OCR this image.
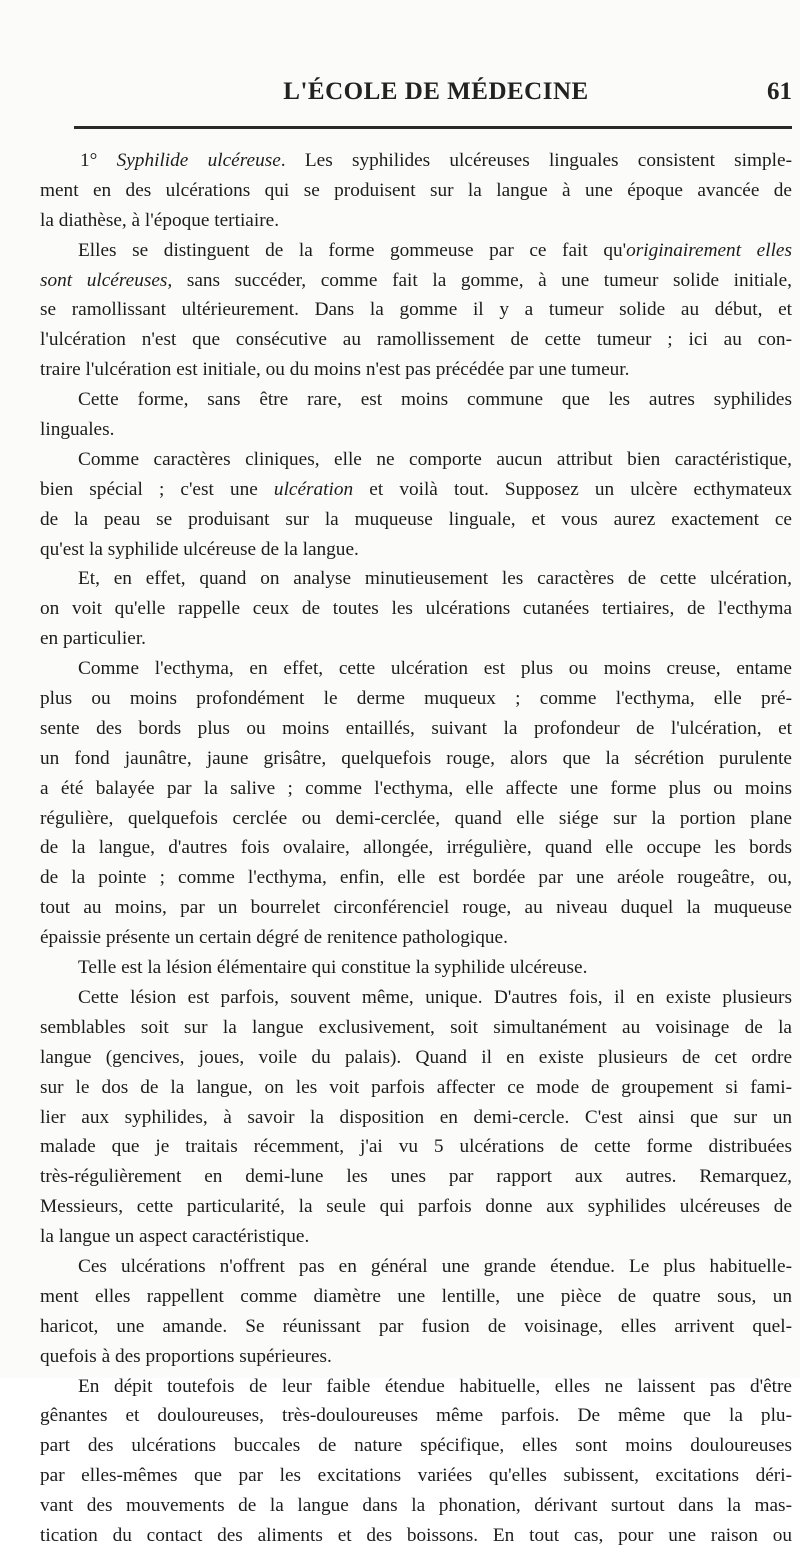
L'ÉCOLE DE MÉDECINE	61
1° Syphilide ulcéreuse. Les syphilides ulcéreuses linguales consistent simple-
ment en des ulcérations qui se produisent sur la langue à une époque avancée de
la diathèse, à l'époque tertiaire.
Elles se distinguent de la forme gommeuse par ce fait qu'originairement elles
sont ulcéreuses, sans succéder, comme fait la gomme, à une tumeur solide initiale,
se ramollissant ultérieurement. Dans la gomme il y a tumeur solide au début, et
l'ulcération n'est que consécutive au ramollissement de cette tumeur ; ici au con-
traire l'ulcération est initiale, ou du moins n'est pas précédée par une tumeur.
Cette forme, sans être rare, est moins commune que les autres syphilides
linguales.
Comme caractères cliniques, elle ne comporte aucun attribut bien caractéristique,
bien spécial ; c'est une ulcération et voilà tout. Supposez un ulcère ecthymateux
de la peau se produisant sur la muqueuse linguale, et vous aurez exactement ce
qu'est la syphilide ulcéreuse de la langue.
Et, en effet, quand on analyse minutieusement les caractères de cette ulcération,
on voit qu'elle rappelle ceux de toutes les ulcérations cutanées tertiaires, de l'ecthyma
en particulier.
Comme l'ecthyma, en effet, cette ulcération est plus ou moins creuse, entame
plus ou moins profondément le derme muqueux ; comme l'ecthyma, elle pré-
sente des bords plus ou moins entaillés, suivant la profondeur de l'ulcération, et
un fond jaunâtre, jaune grisâtre, quelquefois rouge, alors que la sécrétion purulente
a été balayée par la salive ; comme l'ecthyma, elle affecte une forme plus ou moins
régulière, quelquefois cerclée ou demi-cerclée, quand elle siége sur la portion plane
de la langue, d'autres fois ovalaire, allongée, irrégulière, quand elle occupe les bords
de la pointe ; comme l'ecthyma, enfin, elle est bordée par une aréole rougeâtre, ou,
tout au moins, par un bourrelet circonférenciel rouge, au niveau duquel la muqueuse
épaissie présente un certain dégré de renitence pathologique.
Telle est la lésion élémentaire qui constitue la syphilide ulcéreuse.
Cette lésion est parfois, souvent même, unique. D'autres fois, il en existe plusieurs
semblables soit sur la langue exclusivement, soit simultanément au voisinage de la
langue (gencives, joues, voile du palais). Quand il en existe plusieurs de cet ordre
sur le dos de la langue, on les voit parfois affecter ce mode de groupement si fami-
lier aux syphilides, à savoir la disposition en demi-cercle. C'est ainsi que sur un
malade que je traitais récemment, j'ai vu 5 ulcérations de cette forme distribuées
très-régulièrement en demi-lune les unes par rapport aux autres. Remarquez,
Messieurs, cette particularité, la seule qui parfois donne aux syphilides ulcéreuses de
la langue un aspect caractéristique.
Ces ulcérations n'offrent pas en général une grande étendue. Le plus habituelle-
ment elles rappellent comme diamètre une lentille, une pièce de quatre sous, un
haricot, une amande. Se réunissant par fusion de voisinage, elles arrivent quel-
quefois à des proportions supérieures.
En dépit toutefois de leur faible étendue habituelle, elles ne laissent pas d'être
gênantes et douloureuses, très-douloureuses même parfois. De même que la plu-
part des ulcérations buccales de nature spécifique, elles sont moins douloureuses
par elles-mêmes que par les excitations variées qu'elles subissent, excitations déri-
vant des mouvements de la langue dans la phonation, dérivant surtout dans la mas-
tication du contact des aliments et des boissons. En tout cas, pour une raison ou
